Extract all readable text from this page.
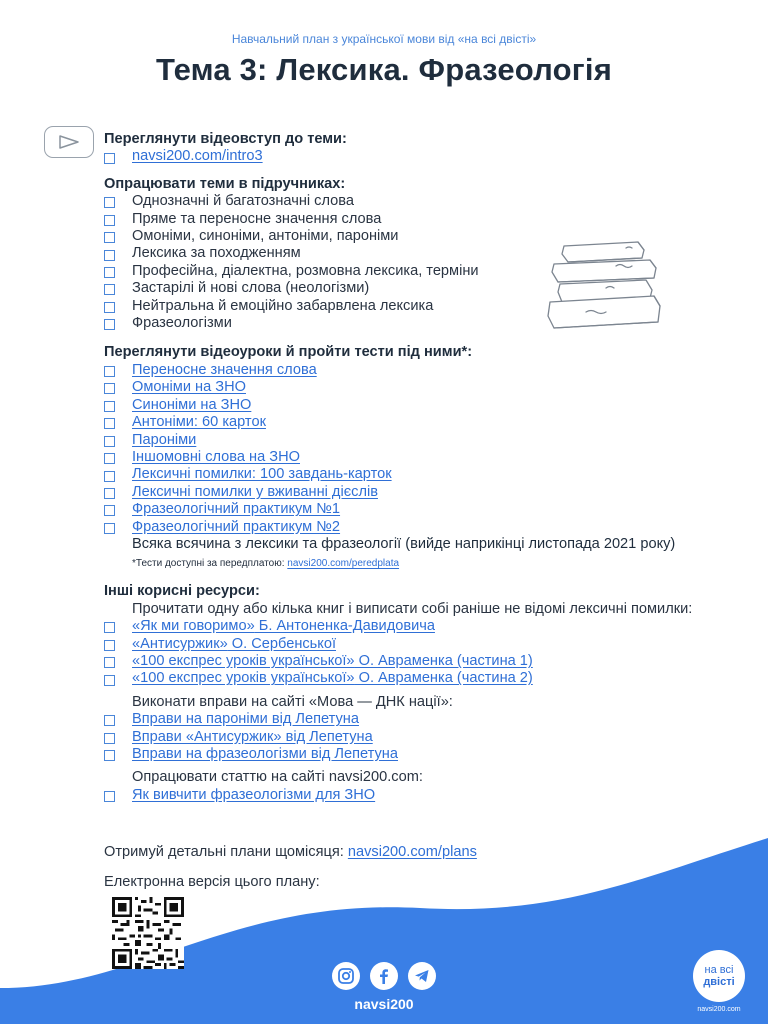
Навчальний план з української мови від «на всі двісті»
Тема 3: Лексика. Фразеологія
Переглянути відеовступ до теми:
navsi200.com/intro3
Опрацювати теми в підручниках:
Однозначні й багатозначні слова
Пряме та переносне значення слова
Омоніми, синоніми, антоніми, пароніми
Лексика за походженням
Професійна, діалектна, розмовна лексика, терміни
Застарілі й нові слова (неологізми)
Нейтральна й емоційно забарвлена лексика
Фразеологізми
Переглянути відеоуроки й пройти тести під ними*:
Переносне значення слова
Омоніми на ЗНО
Синоніми на ЗНО
Антоніми: 60 карток
Пароніми
Іншомовні слова на ЗНО
Лексичні помилки: 100 завдань-карток
Лексичні помилки у вживанні дієслів
Фразеологічний практикум №1
Фразеологічний практикум №2
Всяка всячина з лексики та фразеології (вийде наприкінці листопада 2021 року)
*Тести доступні за передплатою: navsi200.com/peredplata
Інші корисні ресурси:
Прочитати одну або кілька книг і виписати собі раніше не відомі лексичні помилки:
«Як ми говоримо» Б. Антоненка-Давидовича
«Антисуржик» О. Сербенської
«100 експрес уроків української» О. Авраменка (частина 1)
«100 експрес уроків української» О. Авраменка (частина 2)
Виконати вправи на сайті «Мова — ДНК нації»:
Вправи на пароніми від Лепетуна
Вправи «Антисуржик» від Лепетуна
Вправи на фразеологізми від Лепетуна
Опрацювати статтю на сайті navsi200.com:
Як вивчити фразеологізми для ЗНО
Отримуй детальні плани щомісяця: navsi200.com/plans
Електронна версія цього плану:
navsi200
на всі
двісті
navsi200.com
